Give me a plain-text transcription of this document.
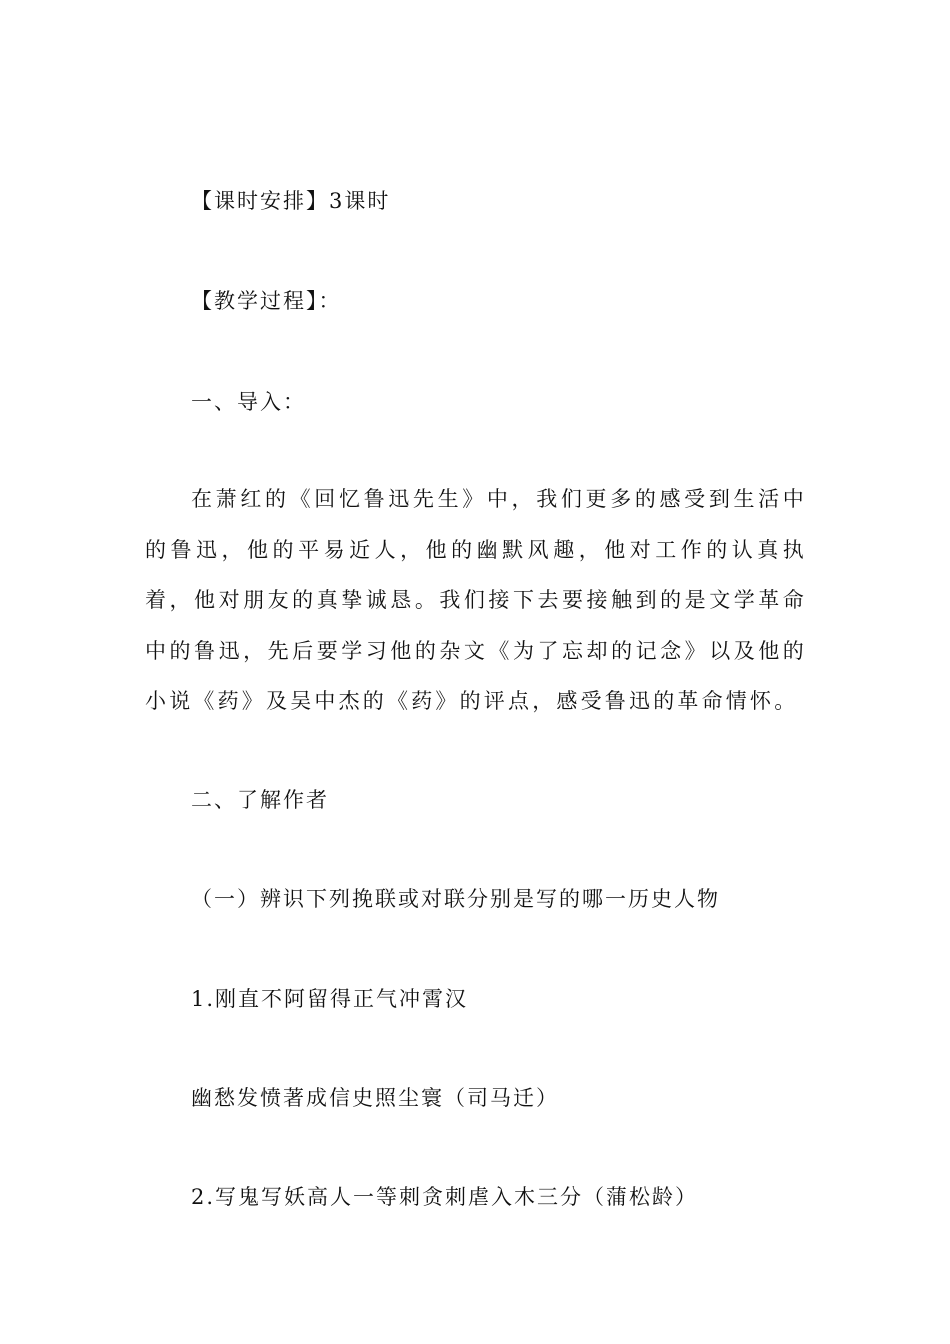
【课时安排】3课时
【教学过程】：
一、导入：
在萧红的《回忆鲁迅先生》中，我们更多的感受到生活中的鲁迅，他的平易近人，他的幽默风趣，他对工作的认真执着，他对朋友的真挚诚恳。我们接下去要接触到的是文学革命中的鲁迅，先后要学习他的杂文《为了忘却的记念》以及他的小说《药》及吴中杰的《药》的评点，感受鲁迅的革命情怀。
二、了解作者
（一）辨识下列挽联或对联分别是写的哪一历史人物
1.刚直不阿留得正气冲霄汉
幽愁发愤著成信史照尘寰（司马迁）
2.写鬼写妖高人一等刺贪刺虐入木三分（蒲松龄）
